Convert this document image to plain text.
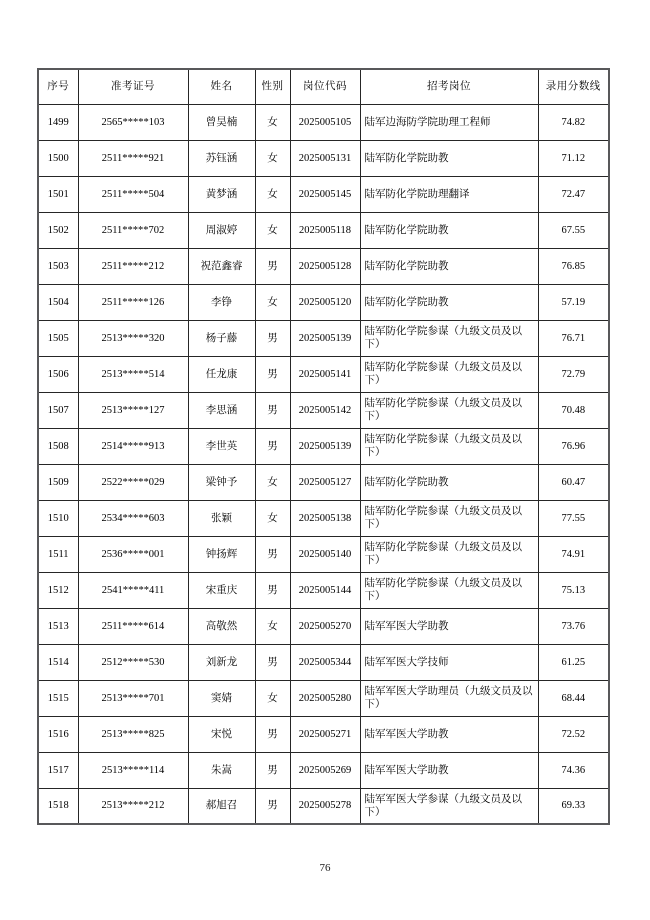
序号	准考证号	姓名	性别	岗位代码	招考岗位	录用分数线
1499	2565*****103	曾昊楠	女	2025005105	陆军边海防学院助理工程师	74.82
1500	2511*****921	苏钰涵	女	2025005131	陆军防化学院助教	71.12
1501	2511*****504	黄梦涵	女	2025005145	陆军防化学院助理翻译	72.47
1502	2511*****702	周淑婷	女	2025005118	陆军防化学院助教	67.55
1503	2511*****212	祝范鑫睿	男	2025005128	陆军防化学院助教	76.85
1504	2511*****126	李铮	女	2025005120	陆军防化学院助教	57.19
1505	2513*****320	杨子藤	男	2025005139	陆军防化学院参谋（九级文员及以下）	76.71
1506	2513*****514	任龙康	男	2025005141	陆军防化学院参谋（九级文员及以下）	72.79
1507	2513*****127	李思涵	男	2025005142	陆军防化学院参谋（九级文员及以下）	70.48
1508	2514*****913	李世英	男	2025005139	陆军防化学院参谋（九级文员及以下）	76.96
1509	2522*****029	梁钟予	女	2025005127	陆军防化学院助教	60.47
1510	2534*****603	张颖	女	2025005138	陆军防化学院参谋（九级文员及以下）	77.55
1511	2536*****001	钟扬辉	男	2025005140	陆军防化学院参谋（九级文员及以下）	74.91
1512	2541*****411	宋重庆	男	2025005144	陆军防化学院参谋（九级文员及以下）	75.13
1513	2511*****614	高敬然	女	2025005270	陆军军医大学助教	73.76
1514	2512*****530	刘新龙	男	2025005344	陆军军医大学技师	61.25
1515	2513*****701	窦婧	女	2025005280	陆军军医大学助理员（九级文员及以下）	68.44
1516	2513*****825	宋悦	男	2025005271	陆军军医大学助教	72.52
1517	2513*****114	朱嵩	男	2025005269	陆军军医大学助教	74.36
1518	2513*****212	郝旭召	男	2025005278	陆军军医大学参谋（九级文员及以下）	69.33
76
